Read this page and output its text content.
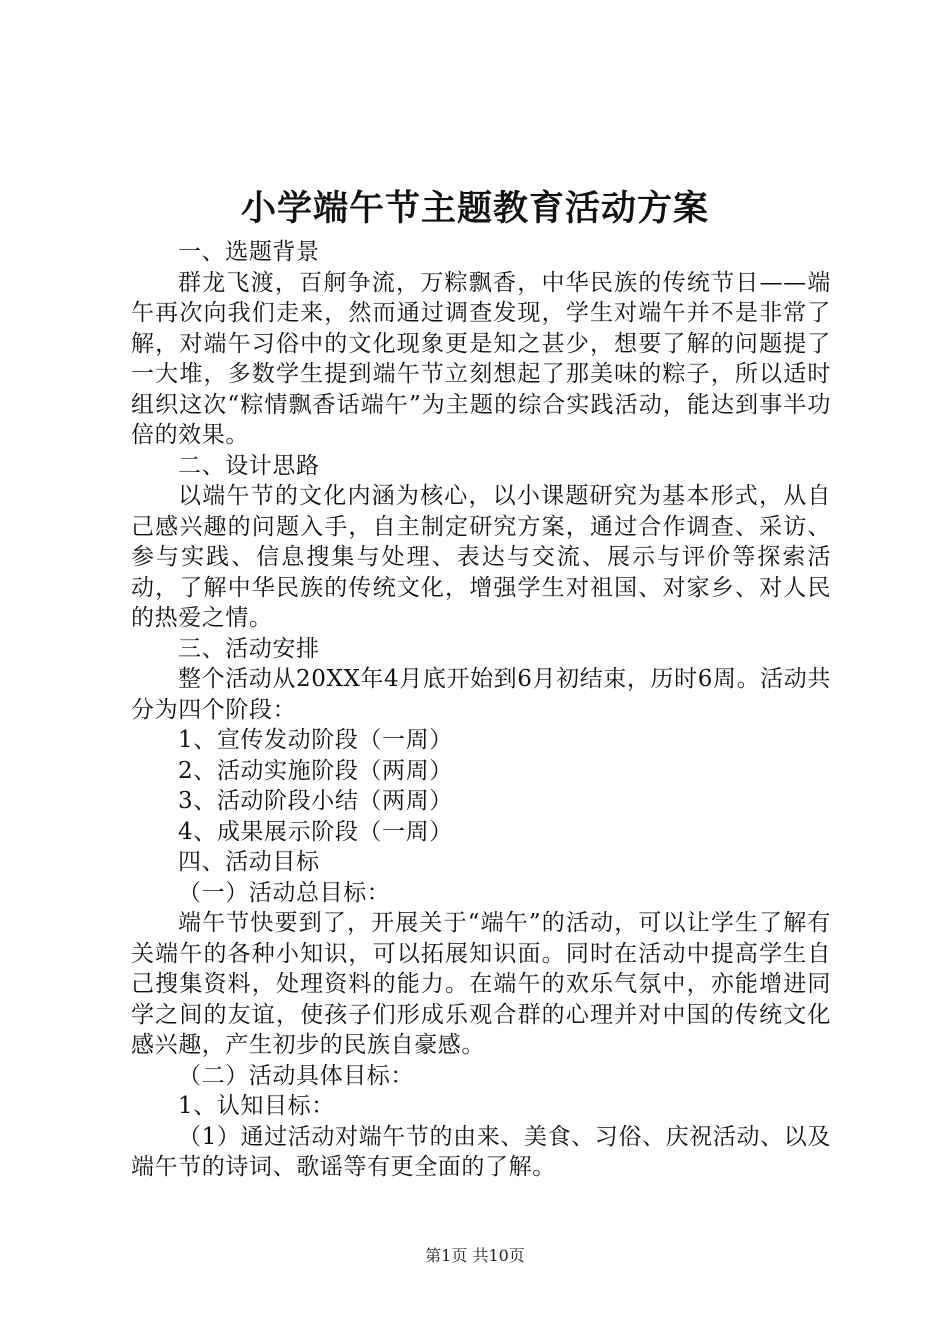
小学端午节主题教育活动方案

一、选题背景

群龙飞渡，百舸争流，万粽飘香，中华民族的传统节日——端午再次向我们走来，然而通过调查发现，学生对端午并不是非常了解，对端午习俗中的文化现象更是知之甚少，想要了解的问题提了一大堆，多数学生提到端午节立刻想起了那美味的粽子，所以适时组织这次“粽情飘香话端午”为主题的综合实践活动，能达到事半功倍的效果。

二、设计思路

以端午节的文化内涵为核心，以小课题研究为基本形式，从自己感兴趣的问题入手，自主制定研究方案，通过合作调查、采访、参与实践、信息搜集与处理、表达与交流、展示与评价等探索活动，了解中华民族的传统文化，增强学生对祖国、对家乡、对人民的热爱之情。

三、活动安排

整个活动从20XX年4月底开始到6月初结束，历时6周。活动共分为四个阶段：

1、宣传发动阶段（一周）

2、活动实施阶段（两周）

3、活动阶段小结（两周）

4、成果展示阶段（一周）

四、活动目标

（一）活动总目标：

端午节快要到了，开展关于“端午”的活动，可以让学生了解有关端午的各种小知识，可以拓展知识面。同时在活动中提高学生自己搜集资料，处理资料的能力。在端午的欢乐气氛中，亦能增进同学之间的友谊，使孩子们形成乐观合群的心理并对中国的传统文化感兴趣，产生初步的民族自豪感。

（二）活动具体目标：

1、认知目标：

（1）通过活动对端午节的由来、美食、习俗、庆祝活动、以及端午节的诗词、歌谣等有更全面的了解。

第1页 共10页
